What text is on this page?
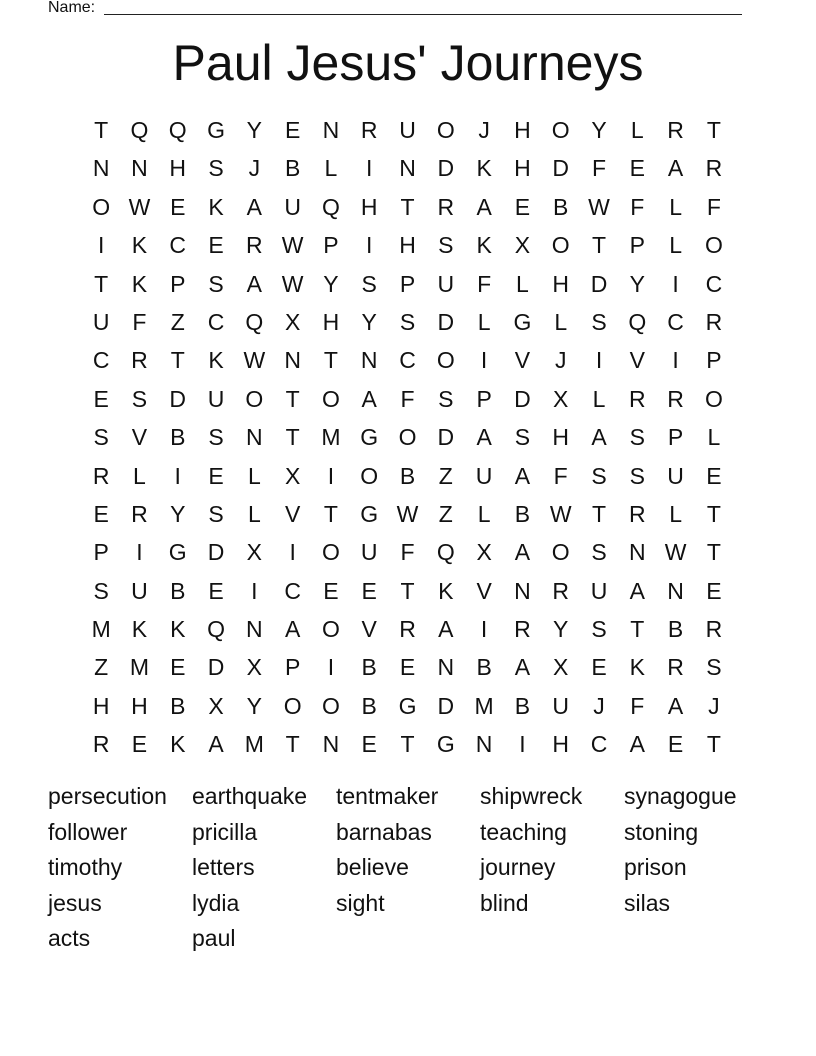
Name:
Paul Jesus' Journeys
T Q Q G Y E N R U O	J	H O Y	L	R T
N N H S	J	B	L	I	N D K H D F	E A R
O W E K A U Q H T R A E B W F	L	F
I	K C E R W P	I	H S K X O T	P	L O
T	K P S A W Y S P U F	L	H D Y	I	C
U F	Z C Q X H Y S D	L G L	S Q C R
C R T	K W N T N C O	I	V	J	I	V	I	P
E S D U O T O A	F	S P D X	L	R R O
S V B S N T M G O D A S H A S P	L
R	L	I	E	L	X	I	O B	Z U A	F	S S U E
E R Y S	L	V	T G W Z	L	B W T R	L	T
P	I	G D X	I	O U F Q X A O S N W T
S U B E	I	C E E	T	K V N R U A N E
M K K Q N A O V R A	I	R Y S	T	B R
Z M E D X P	I	B E N B A X E K R S
H H B X Y O O B G D M B U	J	F	A	J
R E K A M T N E	T G N	I	H C A E	T
persecution	earthquake	tentmaker	shipwreck	synagogue
follower	pricilla	barnabas	teaching	stoning
timothy	letters	believe	journey	prison
jesus	lydia	sight	blind	silas
acts	paul
